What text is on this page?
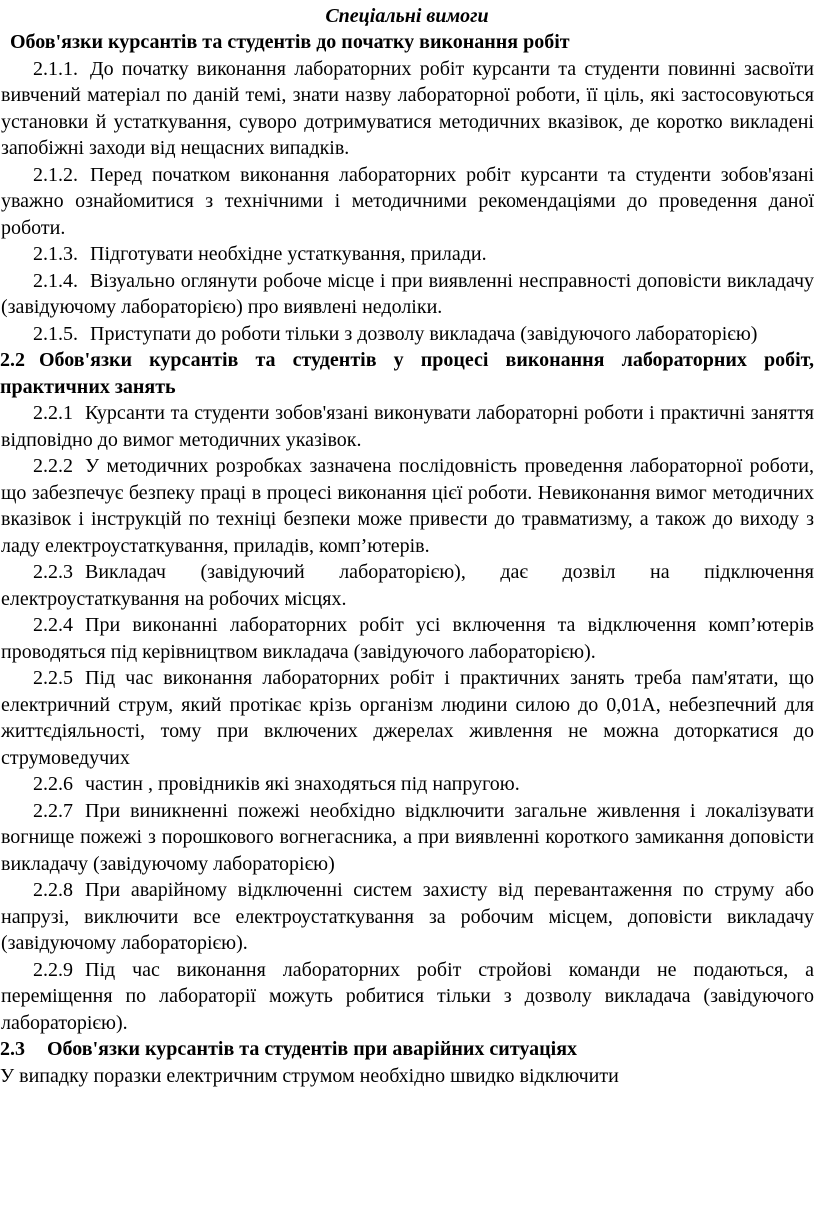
Спеціальні вимоги

Обов'язки курсантів та студентів до початку виконання робіт

2.1.1. До початку виконання лабораторних робіт курсанти та студенти повинні засвоїти вивчений матеріал по даній темі, знати назву лабораторної роботи, її ціль, які застосовуються установки й устаткування, суворо дотримуватися методичних вказівок, де коротко викладені запобіжні заходи від нещасних випадків.

2.1.2. Перед початком виконання лабораторних робіт курсанти та студенти зобов'язані уважно ознайомитися з технічними і методичними рекомендаціями до проведення даної роботи.

2.1.3. Підготувати необхідне устаткування, прилади.

2.1.4. Візуально оглянути робоче місце і при виявленні несправності доповісти викладачу (завідуючому лабораторією) про виявлені недоліки.

2.1.5. Приступати до роботи тільки з дозволу викладача (завідуючого лабораторією)

2.2 Обов'язки курсантів та студентів у процесі виконання лабораторних робіт, практичних занять

2.2.1 Курсанти та студенти зобов'язані виконувати лабораторні роботи і практичні заняття відповідно до вимог методичних указівок.

2.2.2 У методичних розробках зазначена послідовність проведення лабораторної роботи, що забезпечує безпеку праці в процесі виконання цієї роботи. Невиконання вимог методичних вказівок і інструкцій по техніці безпеки може привести до травматизму, а також до виходу з ладу електроустаткування, приладів, комп’ютерів.

2.2.3 Викладач (завідуючий лабораторією), дає дозвіл на підключення електроустаткування на робочих місцях.

2.2.4 При виконанні лабораторних робіт усі включення та відключення комп’ютерів проводяться під керівництвом викладача (завідуючого лабораторією).

2.2.5 Під час виконання лабораторних робіт і практичних занять треба пам'ятати, що електричний струм, який протікає крізь організм людини силою до 0,01А, небезпечний для життєдіяльності, тому при включених джерелах живлення не можна доторкатися до струмоведучих

2.2.6 частин , провідників які знаходяться під напругою.

2.2.7 При виникненні пожежі необхідно відключити загальне живлення і локалізувати вогнище пожежі з порошкового вогнегасника, а при виявленні короткого замикання доповісти викладачу (завідуючому лабораторією)

2.2.8 При аварійному відключенні систем захисту від перевантаження по струму або напрузі, виключити все електроустаткування за робочим місцем, доповісти викладачу (завідуючому лабораторією).

2.2.9 Під час виконання лабораторних робіт стройові команди не подаються, а переміщення по лабораторії можуть робитися тільки з дозволу викладача (завідуючого лабораторією).

2.3 Обов'язки курсантів та студентів при аварійних ситуаціях

У випадку поразки електричним струмом необхідно швидко відключити
